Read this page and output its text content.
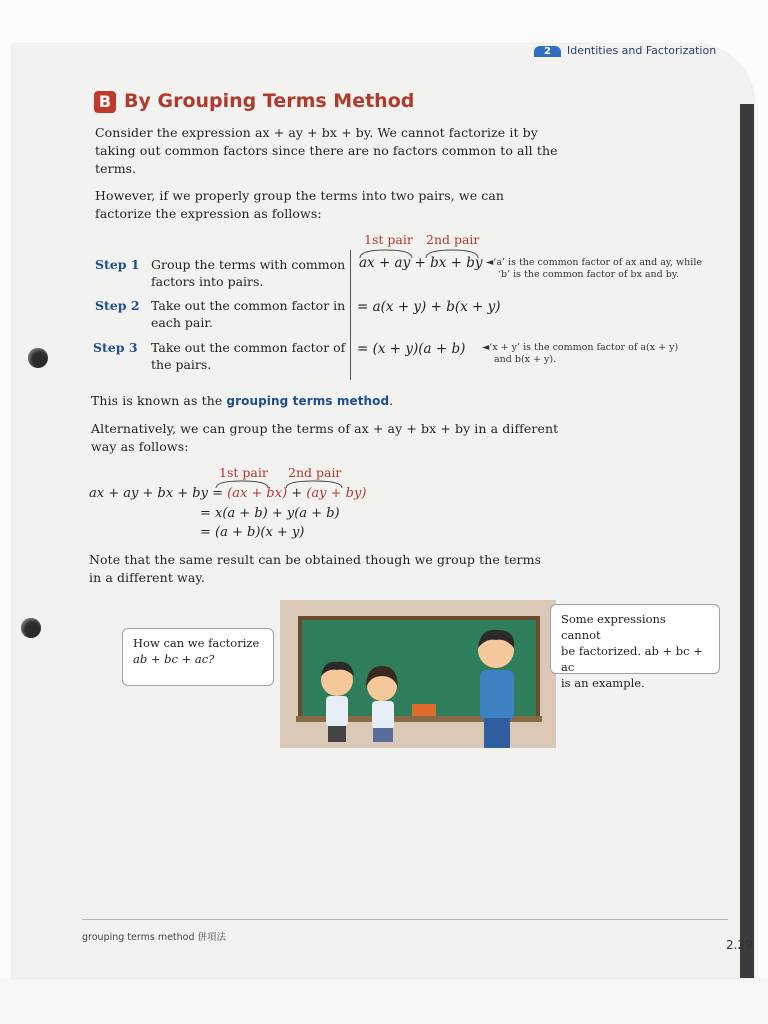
2 Identities and Factorization
B By Grouping Terms Method
Consider the expression ax + ay + bx + by. We cannot factorize it by
taking out common factors since there are no factors common to all the
terms.
However, if we properly group the terms into two pairs, we can
factorize the expression as follows:
1st pair 2nd pair
Step 1 Group the terms with common
factors into pairs.
ax + ay + bx + by ◄‘a’ is the common factor of ax and ay, while
‘b’ is the common factor of bx and by.
Step 2 Take out the common factor in
each pair.
= a(x + y) + b(x + y)
Step 3 Take out the common factor of
the pairs.
= (x + y)(a + b) ◄‘x + y’ is the common factor of a(x + y)
and b(x + y).
This is known as the grouping terms method.
Alternatively, we can group the terms of ax + ay + bx + by in a different
way as follows:
1st pair 2nd pair
ax + ay + bx + by = (ax + bx) + (ay + by)
= x(a + b) + y(a + b)
= (a + b)(x + y)
Note that the same result can be obtained though we group the terms
in a different way.
How can we factorize
ab + bc + ac?
Some expressions cannot
be factorized. ab + bc + ac
is an example.
grouping terms method 併項法
2.29
